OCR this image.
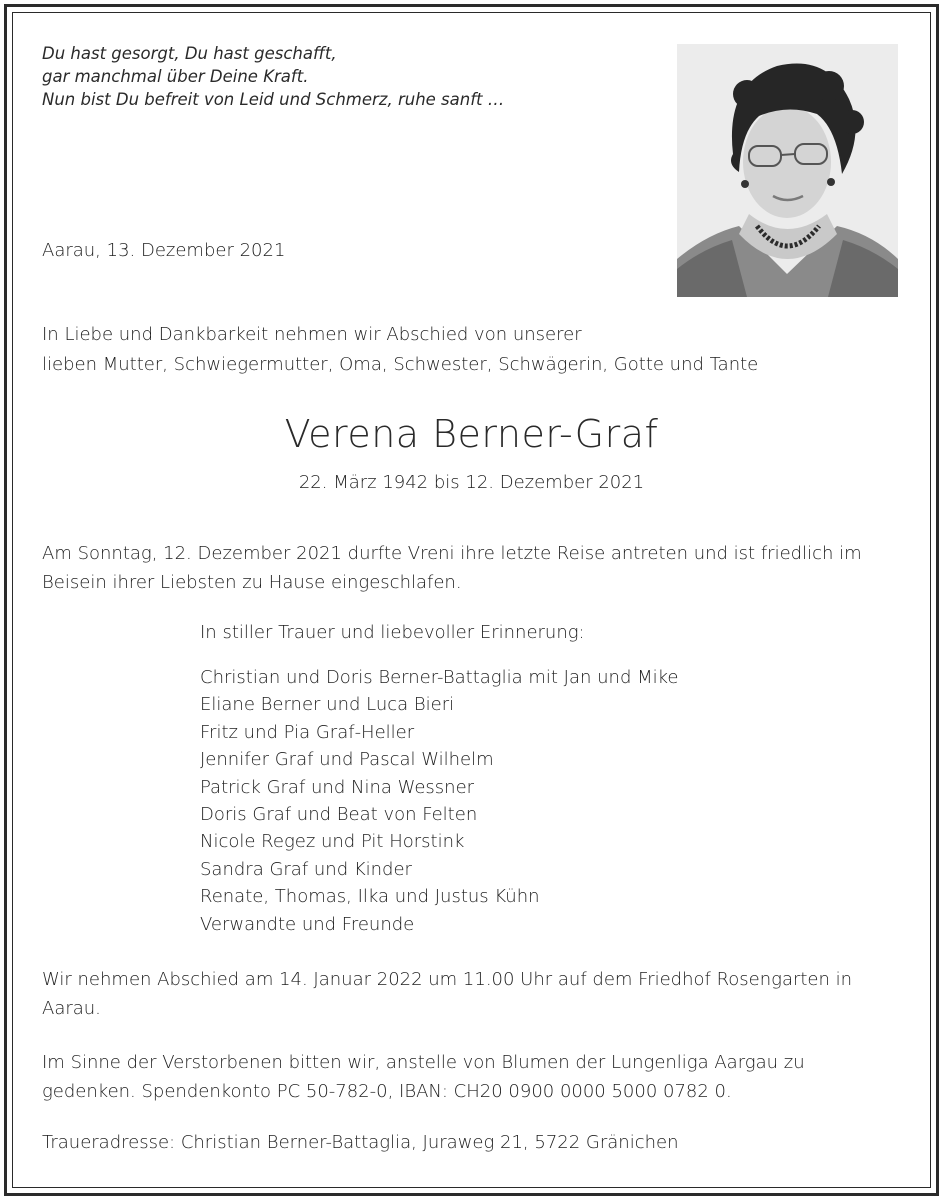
Du hast gesorgt, Du hast geschafft,
gar manchmal über Deine Kraft.
Nun bist Du befreit von Leid und Schmerz, ruhe sanft …
Aarau, 13. Dezember 2021
In Liebe und Dankbarkeit nehmen wir Abschied von unserer
lieben Mutter, Schwiegermutter, Oma, Schwester, Schwägerin, Gotte und Tante
Verena Berner-Graf
22. März 1942 bis 12. Dezember 2021
Am Sonntag, 12. Dezember 2021 durfte Vreni ihre letzte Reise antreten und ist friedlich im
Beisein ihrer Liebsten zu Hause eingeschlafen.
In stiller Trauer und liebevoller Erinnerung:
Christian und Doris Berner-Battaglia mit Jan und Mike
Eliane Berner und Luca Bieri
Fritz und Pia Graf-Heller
Jennifer Graf und Pascal Wilhelm
Patrick Graf und Nina Wessner
Doris Graf und Beat von Felten
Nicole Regez und Pit Horstink
Sandra Graf und Kinder
Renate, Thomas, Ilka und Justus Kühn
Verwandte und Freunde
Wir nehmen Abschied am 14. Januar 2022 um 11.00 Uhr auf dem Friedhof Rosengarten in
Aarau.
Im Sinne der Verstorbenen bitten wir, anstelle von Blumen der Lungenliga Aargau zu
gedenken. Spendenkonto PC 50-782-0, IBAN: CH20 0900 0000 5000 0782 0.
Traueradresse: Christian Berner-Battaglia, Juraweg 21, 5722 Gränichen
